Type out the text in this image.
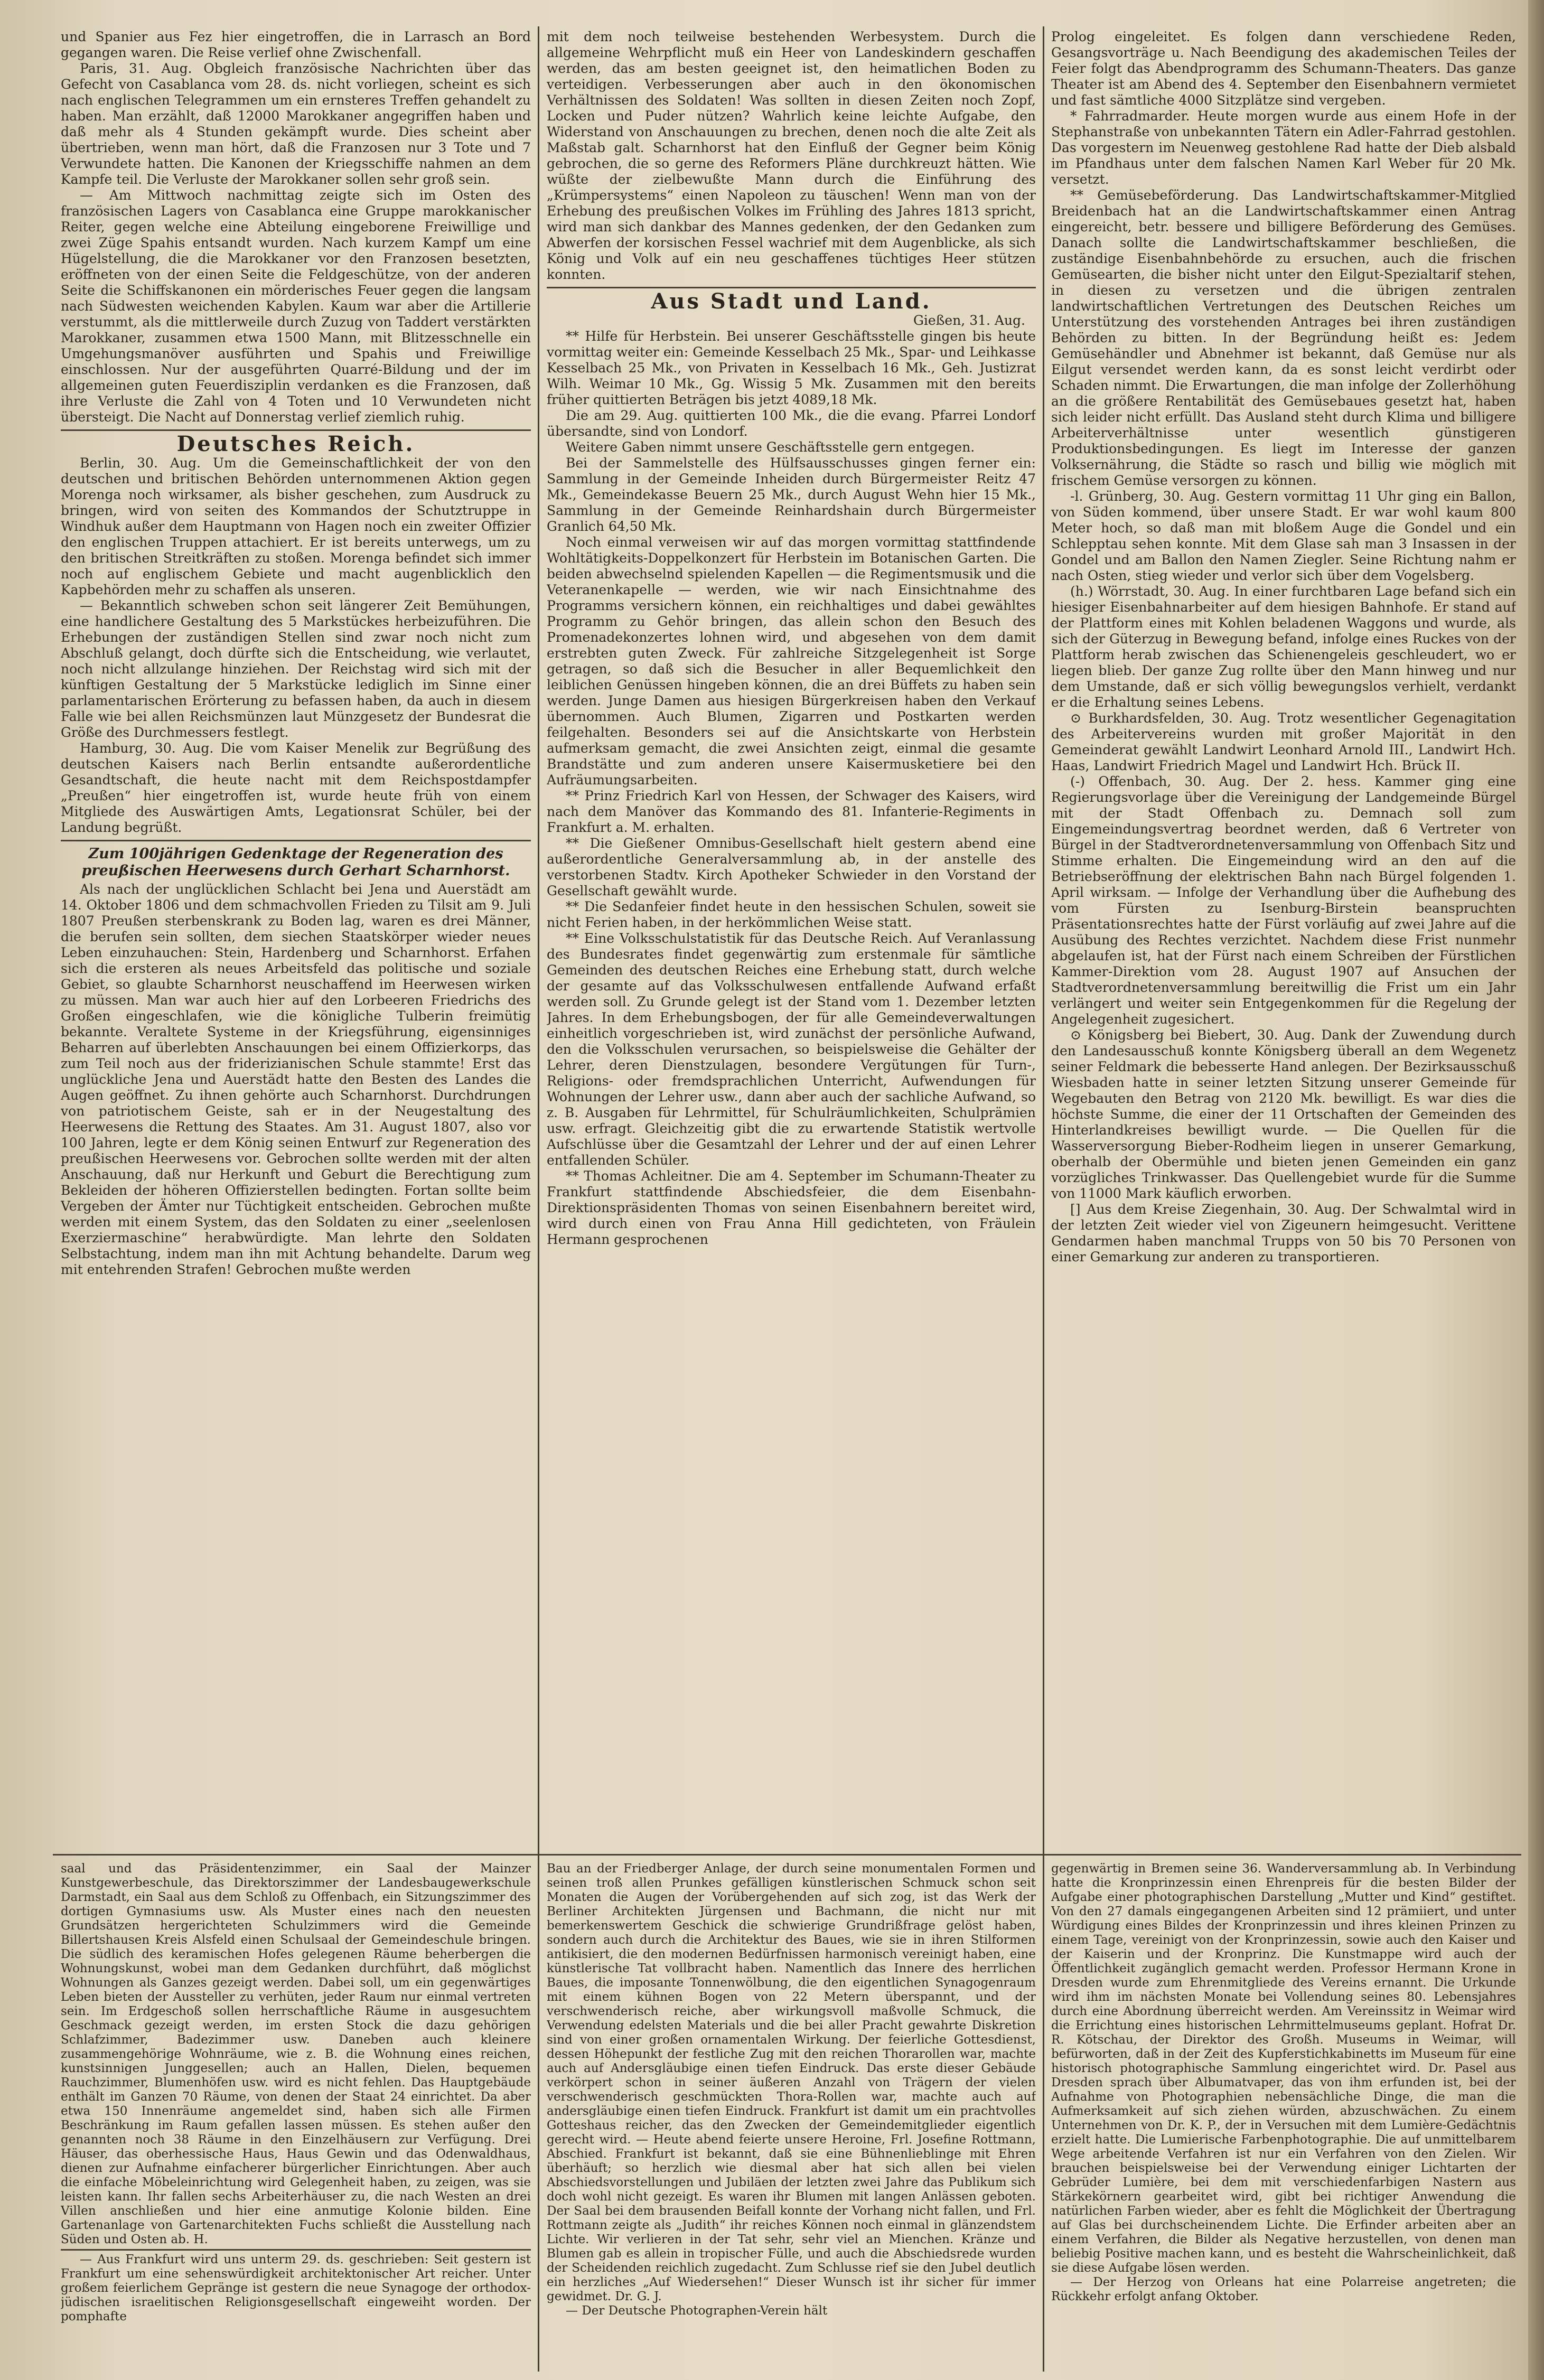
und Spanier aus Fez hier eingetroffen, die in Larrasch an Bord gegangen waren. Die Reise verlief ohne Zwischenfall.

Paris, 31. Aug. Obgleich französische Nachrichten über das Gefecht von Casablanca vom 28. ds. nicht vorliegen, scheint es sich nach englischen Telegrammen um ein ernsteres Treffen gehandelt zu haben. Man erzählt, daß 12000 Marokkaner angegriffen haben und daß mehr als 4 Stunden gekämpft wurde. Dies scheint aber übertrieben, wenn man hört, daß die Franzosen nur 3 Tote und 7 Verwundete hatten. Die Kanonen der Kriegsschiffe nahmen an dem Kampfe teil. Die Verluste der Marokkaner sollen sehr groß sein.

— Am Mittwoch nachmittag zeigte sich im Osten des französischen Lagers von Casablanca eine Gruppe marokkanischer Reiter, gegen welche eine Abteilung eingeborene Freiwillige und zwei Züge Spahis entsandt wurden. Nach kurzem Kampf um eine Hügelstellung, die die Marokkaner vor den Franzosen besetzten, eröffneten von der einen Seite die Feldgeschütze, von der anderen Seite die Schiffskanonen ein mörderisches Feuer gegen die langsam nach Südwesten weichenden Kabylen. Kaum war aber die Artillerie verstummt, als die mittlerweile durch Zuzug von Taddert verstärkten Marokkaner, zusammen etwa 1500 Mann, mit Blitzesschnelle ein Umgehungsmanöver ausführten und Spahis und Freiwillige einschlossen. Nur der ausgeführten Quarré-Bildung und der im allgemeinen guten Feuerdisziplin verdanken es die Franzosen, daß ihre Verluste die Zahl von 4 Toten und 10 Verwundeten nicht übersteigt. Die Nacht auf Donnerstag verlief ziemlich ruhig.

Deutsches Reich.

Berlin, 30. Aug. Um die Gemeinschaftlichkeit der von den deutschen und britischen Behörden unternommenen Aktion gegen Morenga noch wirksamer, als bisher geschehen, zum Ausdruck zu bringen, wird von seiten des Kommandos der Schutztruppe in Windhuk außer dem Hauptmann von Hagen noch ein zweiter Offizier den englischen Truppen attachiert. Er ist bereits unterwegs, um zu den britischen Streitkräften zu stoßen. Morenga befindet sich immer noch auf englischem Gebiete und macht augenblicklich den Kapbehörden mehr zu schaffen als unseren.

— Bekanntlich schweben schon seit längerer Zeit Bemühungen, eine handlichere Gestaltung des 5 Markstückes herbeizuführen. Die Erhebungen der zuständigen Stellen sind zwar noch nicht zum Abschluß gelangt, doch dürfte sich die Entscheidung, wie verlautet, noch nicht allzulange hinziehen. Der Reichstag wird sich mit der künftigen Gestaltung der 5 Markstücke lediglich im Sinne einer parlamentarischen Erörterung zu befassen haben, da auch in diesem Falle wie bei allen Reichsmünzen laut Münzgesetz der Bundesrat die Größe des Durchmessers festlegt.

Hamburg, 30. Aug. Die vom Kaiser Menelik zur Begrüßung des deutschen Kaisers nach Berlin entsandte außerordentliche Gesandtschaft, die heute nacht mit dem Reichspostdampfer „Preußen“ hier eingetroffen ist, wurde heute früh von einem Mitgliede des Auswärtigen Amts, Legationsrat Schüler, bei der Landung begrüßt.

Zum 100jährigen Gedenktage der Regeneration des preußischen Heerwesens durch Gerhart Scharnhorst.

Als nach der unglücklichen Schlacht bei Jena und Auerstädt am 14. Oktober 1806 und dem schmachvollen Frieden zu Tilsit am 9. Juli 1807 Preußen sterbenskrank zu Boden lag, waren es drei Männer, die berufen sein sollten, dem siechen Staatskörper wieder neues Leben einzuhauchen: Stein, Hardenberg und Scharnhorst. Erfahen sich die ersteren als neues Arbeitsfeld das politische und soziale Gebiet, so glaubte Scharnhorst neuschaffend im Heerwesen wirken zu müssen. Man war auch hier auf den Lorbeeren Friedrichs des Großen eingeschlafen, wie die königliche Tulberin freimütig bekannte. Veraltete Systeme in der Kriegsführung, eigensinniges Beharren auf überlebten Anschauungen bei einem Offizierkorps, das zum Teil noch aus der friderizianischen Schule stammte! Erst das unglückliche Jena und Auerstädt hatte den Besten des Landes die Augen geöffnet. Zu ihnen gehörte auch Scharnhorst. Durchdrungen von patriotischem Geiste, sah er in der Neugestaltung des Heerwesens die Rettung des Staates. Am 31. August 1807, also vor 100 Jahren, legte er dem König seinen Entwurf zur Regeneration des preußischen Heerwesens vor. Gebrochen sollte werden mit der alten Anschauung, daß nur Herkunft und Geburt die Berechtigung zum Bekleiden der höheren Offizierstellen bedingten. Fortan sollte beim Vergeben der Ämter nur Tüchtigkeit entscheiden. Gebrochen mußte werden mit einem System, das den Soldaten zu einer „seelenlosen Exerziermaschine“ herabwürdigte. Man lehrte den Soldaten Selbstachtung, indem man ihn mit Achtung behandelte. Darum weg mit entehrenden Strafen! Gebrochen mußte werden

mit dem noch teilweise bestehenden Werbesystem. Durch die allgemeine Wehrpflicht muß ein Heer von Landeskindern geschaffen werden, das am besten geeignet ist, den heimatlichen Boden zu verteidigen. Verbesserungen aber auch in den ökonomischen Verhältnissen des Soldaten! Was sollten in diesen Zeiten noch Zopf, Locken und Puder nützen? Wahrlich keine leichte Aufgabe, den Widerstand von Anschauungen zu brechen, denen noch die alte Zeit als Maßstab galt. Scharnhorst hat den Einfluß der Gegner beim König gebrochen, die so gerne des Reformers Pläne durchkreuzt hätten. Wie wüßte der zielbewußte Mann durch die Einführung des „Krümpersystems“ einen Napoleon zu täuschen! Wenn man von der Erhebung des preußischen Volkes im Frühling des Jahres 1813 spricht, wird man sich dankbar des Mannes gedenken, der den Gedanken zum Abwerfen der korsischen Fessel wachrief mit dem Augenblicke, als sich König und Volk auf ein neu geschaffenes tüchtiges Heer stützen konnten.

Aus Stadt und Land.

Gießen, 31. Aug.

** Hilfe für Herbstein. Bei unserer Geschäftsstelle gingen bis heute vormittag weiter ein: Gemeinde Kesselbach 25 Mk., Spar- und Leihkasse Kesselbach 25 Mk., von Privaten in Kesselbach 16 Mk., Geh. Justizrat Wilh. Weimar 10 Mk., Gg. Wissig 5 Mk. Zusammen mit den bereits früher quittierten Beträgen bis jetzt 4089,18 Mk.

Die am 29. Aug. quittierten 100 Mk., die die evang. Pfarrei Londorf übersandte, sind von Londorf.

Weitere Gaben nimmt unsere Geschäftsstelle gern entgegen.

Bei der Sammelstelle des Hülfsausschusses gingen ferner ein: Sammlung in der Gemeinde Inheiden durch Bürgermeister Reitz 47 Mk., Gemeindekasse Beuern 25 Mk., durch August Wehn hier 15 Mk., Sammlung in der Gemeinde Reinhardshain durch Bürgermeister Granlich 64,50 Mk.

Noch einmal verweisen wir auf das morgen vormittag stattfindende Wohltätigkeits-Doppelkonzert für Herbstein im Botanischen Garten. Die beiden abwechselnd spielenden Kapellen — die Regimentsmusik und die Veteranenkapelle — werden, wie wir nach Einsichtnahme des Programms versichern können, ein reichhaltiges und dabei gewähltes Programm zu Gehör bringen, das allein schon den Besuch des Promenadekonzertes lohnen wird, und abgesehen von dem damit erstrebten guten Zweck. Für zahlreiche Sitzgelegenheit ist Sorge getragen, so daß sich die Besucher in aller Bequemlichkeit den leiblichen Genüssen hingeben können, die an drei Büffets zu haben sein werden. Junge Damen aus hiesigen Bürgerkreisen haben den Verkauf übernommen. Auch Blumen, Zigarren und Postkarten werden feilgehalten. Besonders sei auf die Ansichtskarte von Herbstein aufmerksam gemacht, die zwei Ansichten zeigt, einmal die gesamte Brandstätte und zum anderen unsere Kaisermusketiere bei den Aufräumungsarbeiten.

** Prinz Friedrich Karl von Hessen, der Schwager des Kaisers, wird nach dem Manöver das Kommando des 81. Infanterie-Regiments in Frankfurt a. M. erhalten.

** Die Gießener Omnibus-Gesellschaft hielt gestern abend eine außerordentliche Generalversammlung ab, in der anstelle des verstorbenen Stadtv. Kirch Apotheker Schwieder in den Vorstand der Gesellschaft gewählt wurde.

** Die Sedanfeier findet heute in den hessischen Schulen, soweit sie nicht Ferien haben, in der herkömmlichen Weise statt.

** Eine Volksschulstatistik für das Deutsche Reich. Auf Veranlassung des Bundesrates findet gegenwärtig zum erstenmale für sämtliche Gemeinden des deutschen Reiches eine Erhebung statt, durch welche der gesamte auf das Volksschulwesen entfallende Aufwand erfaßt werden soll. Zu Grunde gelegt ist der Stand vom 1. Dezember letzten Jahres. In dem Erhebungsbogen, der für alle Gemeindeverwaltungen einheitlich vorgeschrieben ist, wird zunächst der persönliche Aufwand, den die Volksschulen verursachen, so beispielsweise die Gehälter der Lehrer, deren Dienstzulagen, besondere Vergütungen für Turn-, Religions- oder fremdsprachlichen Unterricht, Aufwendungen für Wohnungen der Lehrer usw., dann aber auch der sachliche Aufwand, so z. B. Ausgaben für Lehrmittel, für Schulräumlichkeiten, Schulprämien usw. erfragt. Gleichzeitig gibt die zu erwartende Statistik wertvolle Aufschlüsse über die Gesamtzahl der Lehrer und der auf einen Lehrer entfallenden Schüler.

** Thomas Achleitner. Die am 4. September im Schumann-Theater zu Frankfurt stattfindende Abschiedsfeier, die dem Eisenbahn-Direktionspräsidenten Thomas von seinen Eisenbahnern bereitet wird, wird durch einen von Frau Anna Hill gedichteten, von Fräulein Hermann gesprochenen

Prolog eingeleitet. Es folgen dann verschiedene Reden, Gesangsvorträge u. Nach Beendigung des akademischen Teiles der Feier folgt das Abendprogramm des Schumann-Theaters. Das ganze Theater ist am Abend des 4. September den Eisenbahnern vermietet und fast sämtliche 4000 Sitzplätze sind vergeben.

* Fahrradmarder. Heute morgen wurde aus einem Hofe in der Stephanstraße von unbekannten Tätern ein Adler-Fahrrad gestohlen. Das vorgestern im Neuenweg gestohlene Rad hatte der Dieb alsbald im Pfandhaus unter dem falschen Namen Karl Weber für 20 Mk. versetzt.

** Gemüsebeförderung. Das Landwirtschaftskammer-Mitglied Breidenbach hat an die Landwirtschaftskammer einen Antrag eingereicht, betr. bessere und billigere Beförderung des Gemüses. Danach sollte die Landwirtschaftskammer beschließen, die zuständige Eisenbahnbehörde zu ersuchen, auch die frischen Gemüsearten, die bisher nicht unter den Eilgut-Spezialtarif stehen, in diesen zu versetzen und die übrigen zentralen landwirtschaftlichen Vertretungen des Deutschen Reiches um Unterstützung des vorstehenden Antrages bei ihren zuständigen Behörden zu bitten. In der Begründung heißt es: Jedem Gemüsehändler und Abnehmer ist bekannt, daß Gemüse nur als Eilgut versendet werden kann, da es sonst leicht verdirbt oder Schaden nimmt. Die Erwartungen, die man infolge der Zollerhöhung an die größere Rentabilität des Gemüsebaues gesetzt hat, haben sich leider nicht erfüllt. Das Ausland steht durch Klima und billigere Arbeiterverhältnisse unter wesentlich günstigeren Produktionsbedingungen. Es liegt im Interesse der ganzen Volksernährung, die Städte so rasch und billig wie möglich mit frischem Gemüse versorgen zu können.

-l. Grünberg, 30. Aug. Gestern vormittag 11 Uhr ging ein Ballon, von Süden kommend, über unsere Stadt. Er war wohl kaum 800 Meter hoch, so daß man mit bloßem Auge die Gondel und ein Schlepptau sehen konnte. Mit dem Glase sah man 3 Insassen in der Gondel und am Ballon den Namen Ziegler. Seine Richtung nahm er nach Osten, stieg wieder und verlor sich über dem Vogelsberg.

(h.) Wörrstadt, 30. Aug. In einer furchtbaren Lage befand sich ein hiesiger Eisenbahnarbeiter auf dem hiesigen Bahnhofe. Er stand auf der Plattform eines mit Kohlen beladenen Waggons und wurde, als sich der Güterzug in Bewegung befand, infolge eines Ruckes von der Plattform herab zwischen das Schienengeleis geschleudert, wo er liegen blieb. Der ganze Zug rollte über den Mann hinweg und nur dem Umstande, daß er sich völlig bewegungslos verhielt, verdankt er die Erhaltung seines Lebens.

⊙ Burkhardsfelden, 30. Aug. Trotz wesentlicher Gegenagitation des Arbeitervereins wurden mit großer Majorität in den Gemeinderat gewählt Landwirt Leonhard Arnold III., Landwirt Hch. Haas, Landwirt Friedrich Magel und Landwirt Hch. Brück II.

(-) Offenbach, 30. Aug. Der 2. hess. Kammer ging eine Regierungsvorlage über die Vereinigung der Landgemeinde Bürgel mit der Stadt Offenbach zu. Demnach soll zum Eingemeindungsvertrag beordnet werden, daß 6 Vertreter von Bürgel in der Stadtverordnetenversammlung von Offenbach Sitz und Stimme erhalten. Die Eingemeindung wird an den auf die Betriebseröffnung der elektrischen Bahn nach Bürgel folgenden 1. April wirksam. — Infolge der Verhandlung über die Aufhebung des vom Fürsten zu Isenburg-Birstein beanspruchten Präsentationsrechtes hatte der Fürst vorläufig auf zwei Jahre auf die Ausübung des Rechtes verzichtet. Nachdem diese Frist nunmehr abgelaufen ist, hat der Fürst nach einem Schreiben der Fürstlichen Kammer-Direktion vom 28. August 1907 auf Ansuchen der Stadtverordnetenversammlung bereitwillig die Frist um ein Jahr verlängert und weiter sein Entgegenkommen für die Regelung der Angelegenheit zugesichert.

⊙ Königsberg bei Biebert, 30. Aug. Dank der Zuwendung durch den Landesausschuß konnte Königsberg überall an dem Wegenetz seiner Feldmark die bebesserte Hand anlegen. Der Bezirksausschuß Wiesbaden hatte in seiner letzten Sitzung unserer Gemeinde für Wegebauten den Betrag von 2120 Mk. bewilligt. Es war dies die höchste Summe, die einer der 11 Ortschaften der Gemeinden des Hinterlandkreises bewilligt wurde. — Die Quellen für die Wasserversorgung Bieber-Rodheim liegen in unserer Gemarkung, oberhalb der Obermühle und bieten jenen Gemeinden ein ganz vorzügliches Trinkwasser. Das Quellengebiet wurde für die Summe von 11000 Mark käuflich erworben.

[] Aus dem Kreise Ziegenhain, 30. Aug. Der Schwalmtal wird in der letzten Zeit wieder viel von Zigeunern heimgesucht. Verittene Gendarmen haben manchmal Trupps von 50 bis 70 Personen von einer Gemarkung zur anderen zu transportieren.

saal und das Präsidentenzimmer, ein Saal der Mainzer Kunstgewerbeschule, das Direktorszimmer der Landesbaugewerkschule Darmstadt, ein Saal aus dem Schloß zu Offenbach, ein Sitzungszimmer des dortigen Gymnasiums usw. Als Muster eines nach den neuesten Grundsätzen hergerichteten Schulzimmers wird die Gemeinde Billertshausen Kreis Alsfeld einen Schulsaal der Gemeindeschule bringen. Die südlich des keramischen Hofes gelegenen Räume beherbergen die Wohnungskunst, wobei man dem Gedanken durchführt, daß möglichst Wohnungen als Ganzes gezeigt werden. Dabei soll, um ein gegenwärtiges Leben bieten der Aussteller zu verhüten, jeder Raum nur einmal vertreten sein. Im Erdgeschoß sollen herrschaftliche Räume in ausgesuchtem Geschmack gezeigt werden, im ersten Stock die dazu gehörigen Schlafzimmer, Badezimmer usw. Daneben auch kleinere zusammengehörige Wohnräume, wie z. B. die Wohnung eines reichen, kunstsinnigen Junggesellen; auch an Hallen, Dielen, bequemen Rauchzimmer, Blumenhöfen usw. wird es nicht fehlen. Das Hauptgebäude enthält im Ganzen 70 Räume, von denen der Staat 24 einrichtet. Da aber etwa 150 Innenräume angemeldet sind, haben sich alle Firmen Beschränkung im Raum gefallen lassen müssen. Es stehen außer den genannten noch 38 Räume in den Einzelhäusern zur Verfügung. Drei Häuser, das oberhessische Haus, Haus Gewin und das Odenwaldhaus, dienen zur Aufnahme einfacherer bürgerlicher Einrichtungen. Aber auch die einfache Möbeleinrichtung wird Gelegenheit haben, zu zeigen, was sie leisten kann. Ihr fallen sechs Arbeiterhäuser zu, die nach Westen an drei Villen anschließen und hier eine anmutige Kolonie bilden. Eine Gartenanlage von Gartenarchitekten Fuchs schließt die Ausstellung nach Süden und Osten ab. H.

— Aus Frankfurt wird uns unterm 29. ds. geschrieben: Seit gestern ist Frankfurt um eine sehenswürdigkeit architektonischer Art reicher. Unter großem feierlichem Gepränge ist gestern die neue Synagoge der orthodox-jüdischen israelitischen Religionsgesellschaft eingeweiht worden. Der pomphafte

Bau an der Friedberger Anlage, der durch seine monumentalen Formen und seinen troß allen Prunkes gefälligen künstlerischen Schmuck schon seit Monaten die Augen der Vorübergehenden auf sich zog, ist das Werk der Berliner Architekten Jürgensen und Bachmann, die nicht nur mit bemerkenswertem Geschick die schwierige Grundrißfrage gelöst haben, sondern auch durch die Architektur des Baues, wie sie in ihren Stilformen antikisiert, die den modernen Bedürfnissen harmonisch vereinigt haben, eine künstlerische Tat vollbracht haben. Namentlich das Innere des herrlichen Baues, die imposante Tonnenwölbung, die den eigentlichen Synagogenraum mit einem kühnen Bogen von 22 Metern überspannt, und der verschwenderisch reiche, aber wirkungsvoll maßvolle Schmuck, die Verwendung edelsten Materials und die bei aller Pracht gewahrte Diskretion sind von einer großen ornamentalen Wirkung. Der feierliche Gottesdienst, dessen Höhepunkt der festliche Zug mit den reichen Thorarollen war, machte auch auf Andersgläubige einen tiefen Eindruck. Das erste dieser Gebäude verkörpert schon in seiner äußeren Anzahl von Trägern der vielen verschwenderisch geschmückten Thora-Rollen war, machte auch auf andersgläubige einen tiefen Eindruck. Frankfurt ist damit um ein prachtvolles Gotteshaus reicher, das den Zwecken der Gemeindemitglieder eigentlich gerecht wird. — Heute abend feierte unsere Heroine, Frl. Josefine Rottmann, Abschied. Frankfurt ist bekannt, daß sie eine Bühnenlieblinge mit Ehren überhäuft; so herzlich wie diesmal aber hat sich allen bei vielen Abschiedsvorstellungen und Jubiläen der letzten zwei Jahre das Publikum sich doch wohl nicht gezeigt. Es waren ihr Blumen mit langen Anlässen geboten. Der Saal bei dem brausenden Beifall konnte der Vorhang nicht fallen, und Frl. Rottmann zeigte als „Judith“ ihr reiches Können noch einmal in glänzendstem Lichte. Wir verlieren in der Tat sehr, sehr viel an Mienchen. Kränze und Blumen gab es allein in tropischer Fülle, und auch die Abschiedsrede wurden der Scheidenden reichlich zugedacht. Zum Schlusse rief sie den Jubel deutlich ein herzliches „Auf Wiedersehen!“ Dieser Wunsch ist ihr sicher für immer gewidmet. Dr. G. J.

— Der Deutsche Photographen-Verein hält

gegenwärtig in Bremen seine 36. Wanderversammlung ab. In Verbindung hatte die Kronprinzessin einen Ehrenpreis für die besten Bilder der Aufgabe einer photographischen Darstellung „Mutter und Kind“ gestiftet. Von den 27 damals eingegangenen Arbeiten sind 12 prämiiert, und unter Würdigung eines Bildes der Kronprinzessin und ihres kleinen Prinzen zu einem Tage, vereinigt von der Kronprinzessin, sowie auch den Kaiser und der Kaiserin und der Kronprinz. Die Kunstmappe wird auch der Öffentlichkeit zugänglich gemacht werden. Professor Hermann Krone in Dresden wurde zum Ehrenmitgliede des Vereins ernannt. Die Urkunde wird ihm im nächsten Monate bei Vollendung seines 80. Lebensjahres durch eine Abordnung überreicht werden. Am Vereinssitz in Weimar wird die Errichtung eines historischen Lehrmittelmuseums geplant. Hofrat Dr. R. Kötschau, der Direktor des Großh. Museums in Weimar, will befürworten, daß in der Zeit des Kupferstichkabinetts im Museum für eine historisch photographische Sammlung eingerichtet wird. Dr. Pasel aus Dresden sprach über Albumatvaper, das von ihm erfunden ist, bei der Aufnahme von Photographien nebensächliche Dinge, die man die Aufmerksamkeit auf sich ziehen würden, abzuschwächen. Zu einem Unternehmen von Dr. K. P., der in Versuchen mit dem Lumière-Gedächtnis erzielt hatte. Die Lumierische Farbenphotographie. Die auf unmittelbarem Wege arbeitende Verfahren ist nur ein Verfahren von den Zielen. Wir brauchen beispielsweise bei der Verwendung einiger Lichtarten der Gebrüder Lumière, bei dem mit verschiedenfarbigen Nastern aus Stärkekörnern gearbeitet wird, gibt bei richtiger Anwendung die natürlichen Farben wieder, aber es fehlt die Möglichkeit der Übertragung auf Glas bei durchscheinendem Lichte. Die Erfinder arbeiten aber an einem Verfahren, die Bilder als Negative herzustellen, von denen man beliebig Positive machen kann, und es besteht die Wahrscheinlichkeit, daß sie diese Aufgabe lösen werden.

— Der Herzog von Orleans hat eine Polarreise angetreten; die Rückkehr erfolgt anfang Oktober.
